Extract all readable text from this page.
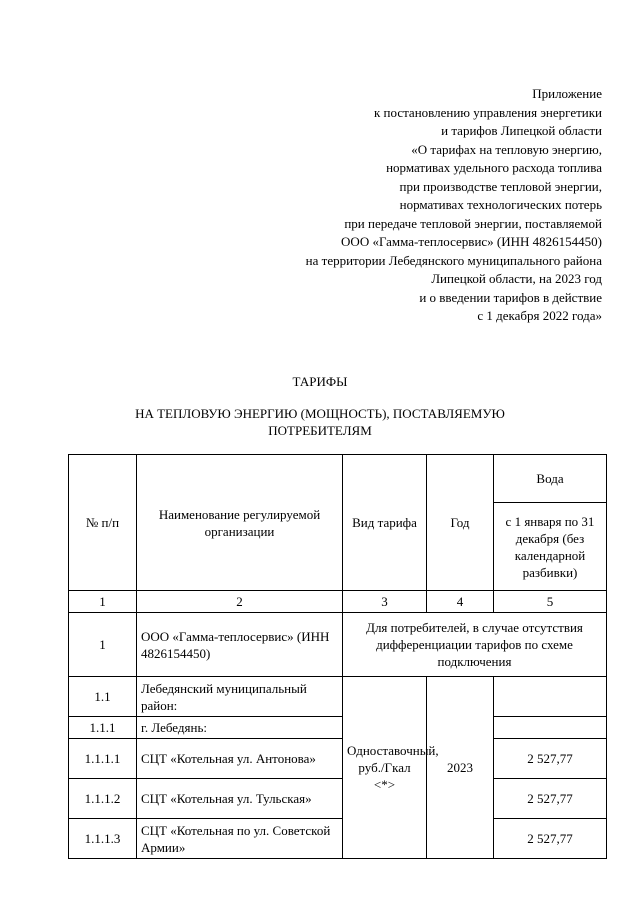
Приложение
к постановлению управления энергетики
и тарифов Липецкой области
«О тарифах на тепловую энергию,
нормативах удельного расхода топлива
при производстве тепловой энергии,
нормативах технологических потерь
при передаче тепловой энергии, поставляемой
ООО «Гамма-теплосервис» (ИНН 4826154450)
на территории Лебедянского муниципального района
Липецкой области, на 2023 год
и о введении тарифов в действие
с 1 декабря 2022 года»
ТАРИФЫ
НА ТЕПЛОВУЮ ЭНЕРГИЮ (МОЩНОСТЬ), ПОСТАВЛЯЕМУЮ ПОТРЕБИТЕЛЯМ
№ п/п	Наименование регулируемой организации	Вид тарифа	Год	Вода
				с 1 января по 31 декабря (без календарной разбивки)
1	2	3	4	5
1	ООО «Гамма-теплосервис» (ИНН 4826154450)	Для потребителей, в случае отсутствия дифференциации тарифов по схеме подключения		
1.1	Лебедянский муниципальный район:	Одноставочный, руб./Гкал <*>	2023	
1.1.1	г. Лебедянь:			
1.1.1.1	СЦТ «Котельная ул. Антонова»			2 527,77
1.1.1.2	СЦТ «Котельная ул. Тульская»			2 527,77
1.1.1.3	СЦТ «Котельная по ул. Советской Армии»			2 527,77
